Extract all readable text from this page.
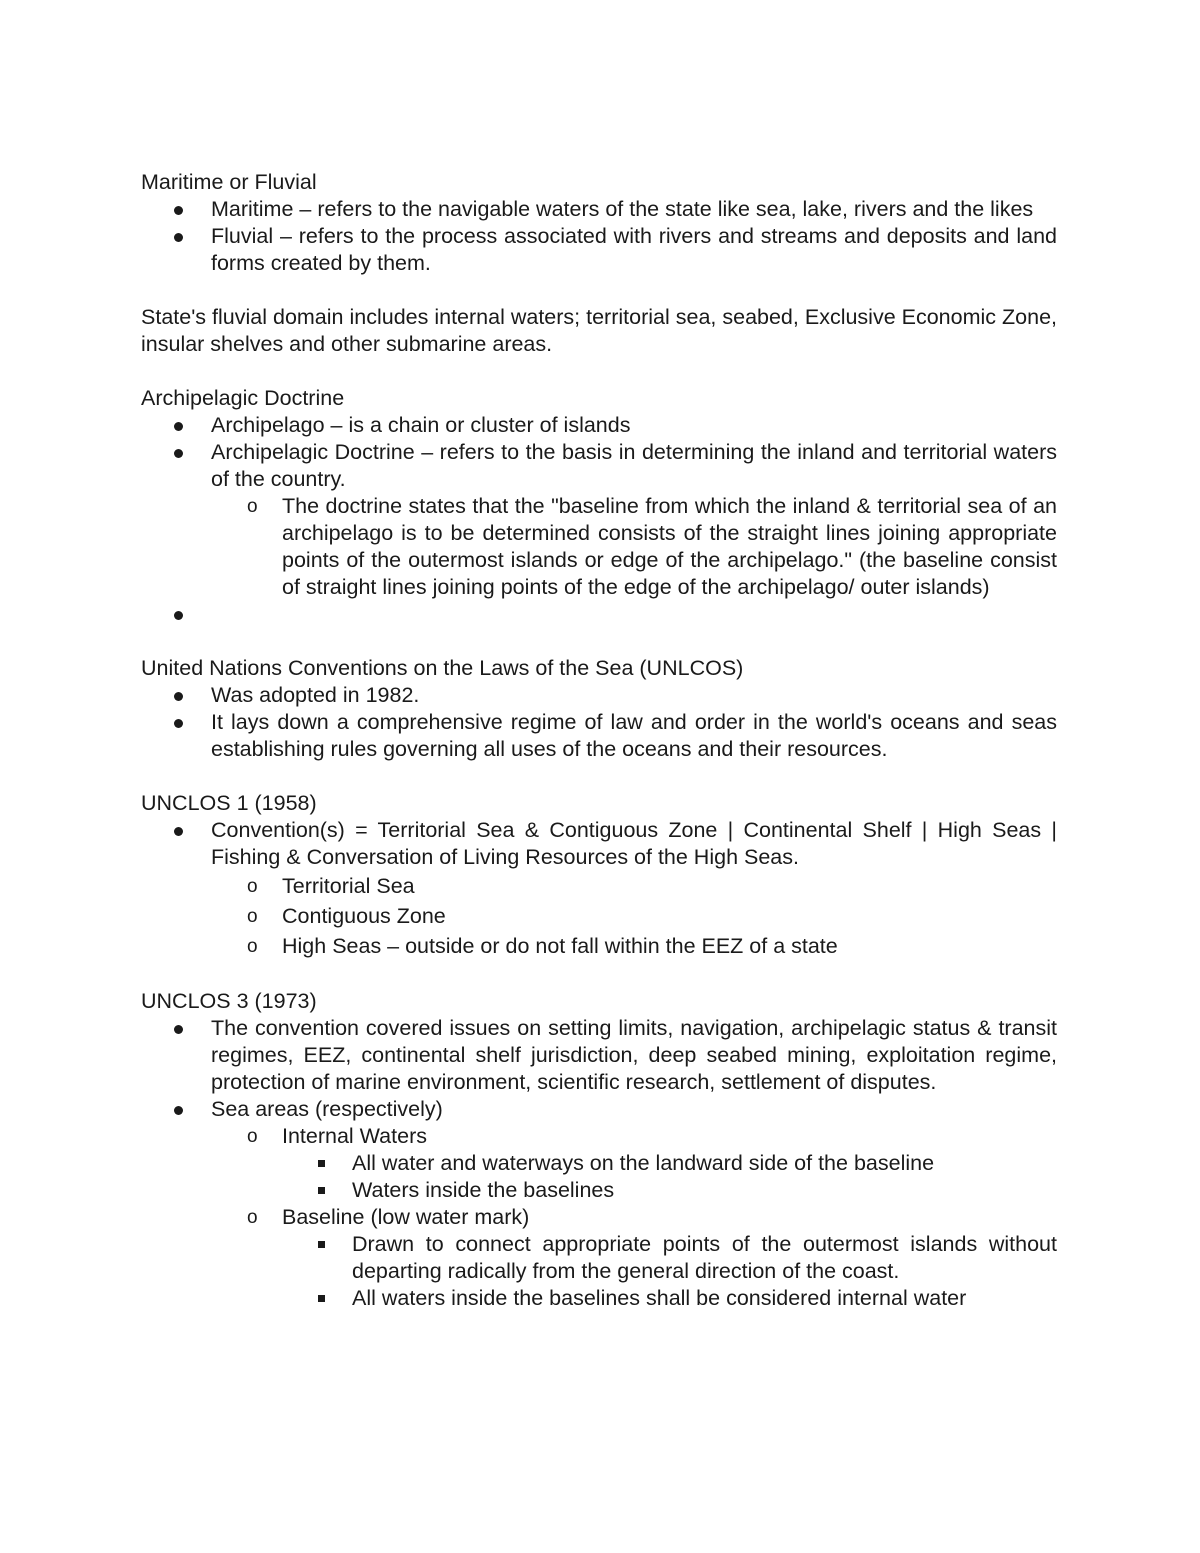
Maritime or Fluvial

Maritime – refers to the navigable waters of the state like sea, lake, rivers and the likes
Fluvial – refers to the process associated with rivers and streams and deposits and land forms created by them.

State's fluvial domain includes internal waters; territorial sea, seabed, Exclusive Economic Zone, insular shelves and other submarine areas.

Archipelagic Doctrine

Archipelago – is a chain or cluster of islands
Archipelagic Doctrine – refers to the basis in determining the inland and territorial waters of the country.
The doctrine states that the "baseline from which the inland & territorial sea of an archipelago is to be determined consists of the straight lines joining appropriate points of the outermost islands or edge of the archipelago." (the baseline consist of straight lines joining points of the edge of the archipelago/ outer islands)

United Nations Conventions on the Laws of the Sea (UNLCOS)

Was adopted in 1982.
It lays down a comprehensive regime of law and order in the world's oceans and seas establishing rules governing all uses of the oceans and their resources.

UNCLOS 1 (1958)

Convention(s) = Territorial Sea & Contiguous Zone | Continental Shelf | High Seas | Fishing & Conversation of Living Resources of the High Seas.
Territorial Sea
Contiguous Zone
High Seas – outside or do not fall within the EEZ of a state

UNCLOS 3 (1973)

The convention covered issues on setting limits, navigation, archipelagic status & transit regimes, EEZ, continental shelf jurisdiction, deep seabed mining, exploitation regime, protection of marine environment, scientific research, settlement of disputes.
Sea areas (respectively)
Internal Waters
All water and waterways on the landward side of the baseline
Waters inside the baselines
Baseline (low water mark)
Drawn to connect appropriate points of the outermost islands without departing radically from the general direction of the coast.
All waters inside the baselines shall be considered internal water
